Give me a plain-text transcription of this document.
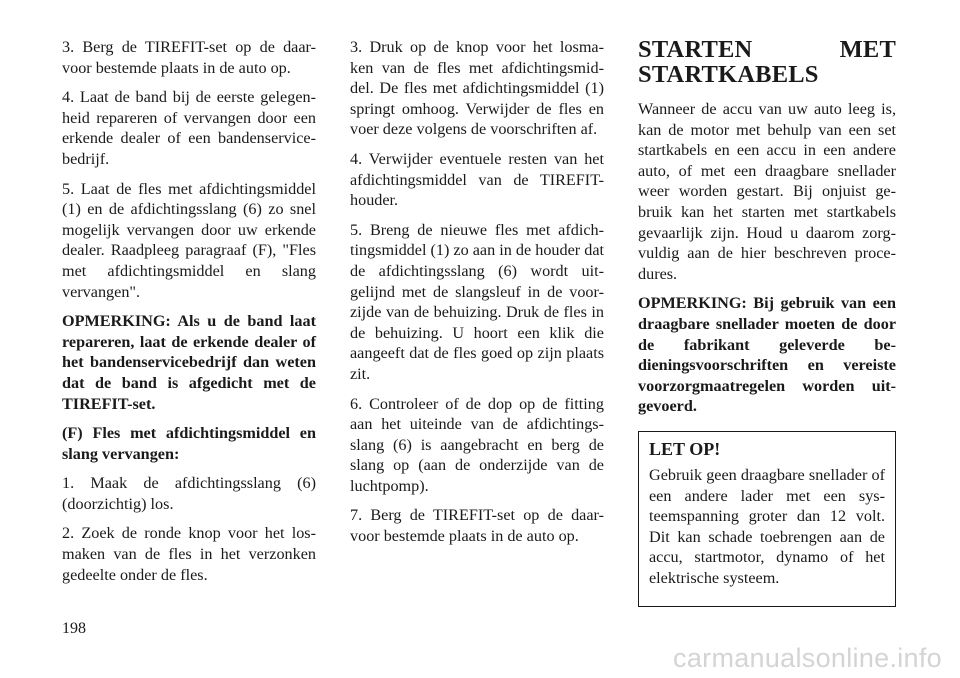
3. Berg de TIREFIT-set op de daar-voor bestemde plaats in de auto op.

4. Laat de band bij de eerste gelegen-heid repareren of vervangen door een erkende dealer of een bandenservice-bedrijf.

5. Laat de fles met afdichtingsmiddel (1) en de afdichtingsslang (6) zo snel mogelijk vervangen door uw erkende dealer. Raadpleeg paragraaf (F), "Fles met afdichtingsmiddel en slang vervangen".

OPMERKING: Als u de band laat repareren, laat de erkende dealer of het bandenservicebedrijf dan weten dat de band is afgedicht met de TIREFIT-set.

(F) Fles met afdichtingsmiddel en slang vervangen:

1. Maak de afdichtingsslang (6) (doorzichtig) los.

2. Zoek de ronde knop voor het los-maken van de fles in het verzonken gedeelte onder de fles.

3. Druk op de knop voor het losma-ken van de fles met afdichtingsmid-del. De fles met afdichtingsmiddel (1) springt omhoog. Verwijder de fles en voer deze volgens de voorschriften af.

4. Verwijder eventuele resten van het afdichtingsmiddel van de TIREFIT-houder.

5. Breng de nieuwe fles met afdich-tingsmiddel (1) zo aan in de houder dat de afdichtingsslang (6) wordt uit-gelijnd met de slangsleuf in de voor-zijde van de behuizing. Druk de fles in de behuizing. U hoort een klik die aangeeft dat de fles goed op zijn plaats zit.

6. Controleer of de dop op de fitting aan het uiteinde van de afdichtings-slang (6) is aangebracht en berg de slang op (aan de onderzijde van de luchtpomp).

7. Berg de TIREFIT-set op de daar-voor bestemde plaats in de auto op.

STARTEN MET STARTKABELS

Wanneer de accu van uw auto leeg is, kan de motor met behulp van een set startkabels en een accu in een andere auto, of met een draagbare snellader weer worden gestart. Bij onjuist ge-bruik kan het starten met startkabels gevaarlijk zijn. Houd u daarom zorg-vuldig aan de hier beschreven proce-dures.

OPMERKING: Bij gebruik van een draagbare snellader moeten de door de fabrikant geleverde be-dieningsvoorschriften en vereiste voorzorgmaatregelen worden uit-gevoerd.

LET OP!

Gebruik geen draagbare snellader of een andere lader met een sys-teemspanning groter dan 12 volt. Dit kan schade toebrengen aan de accu, startmotor, dynamo of het elektrische systeem.

198
carmanualsonline.info
